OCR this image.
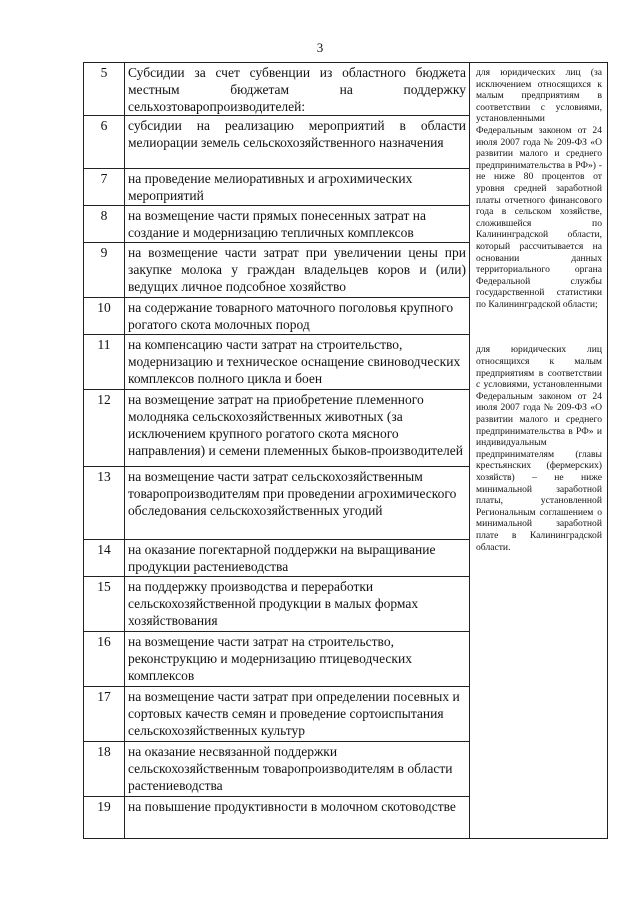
3
5	Субсидии за счет субвенции из областного бюджета местным бюджетам на поддержку сельхозтоваропроизводителей:
6	субсидии на реализацию мероприятий в области мелиорации земель сельскохозяйственного назначения
7	на проведение мелиоративных и агрохимических мероприятий
8	на возмещение части прямых понесенных затрат на создание и модернизацию тепличных комплексов
9	на возмещение части затрат при увеличении цены при закупке молока у граждан владельцев коров и (или) ведущих личное подсобное хозяйство
10	на содержание товарного маточного поголовья крупного рогатого скота молочных пород
11	на компенсацию части затрат на строительство, модернизацию и техническое оснащение свиноводческих комплексов полного цикла и боен
12	на возмещение затрат на приобретение племенного молодняка сельскохозяйственных животных (за исключением крупного рогатого скота мясного направления) и семени племенных быков-производителей
13	на возмещение части затрат сельскохозяйственным товаропроизводителям при проведении агрохимического обследования сельскохозяйственных угодий
14	на оказание погектарной поддержки на выращивание продукции растениеводства
15	на поддержку производства и переработки сельскохозяйственной продукции в малых формах хозяйствования
16	на возмещение части затрат на строительство, реконструкцию и модернизацию птицеводческих комплексов
17	на возмещение части затрат при определении посевных и сортовых качеств семян и проведение сортоиспытания сельскохозяйственных культур
18	на оказание несвязанной поддержки сельскохозяйственным товаропроизводителям в области растениеводства
19	на повышение продуктивности в молочном скотоводстве

для юридических лиц (за исключением относящихся к малым предприятиям в соответствии с условиями, установленными Федеральным законом от 24 июля 2007 года № 209-ФЗ «О развитии малого и среднего предпринимательства в РФ») - не ниже 80 процентов от уровня средней заработной платы отчетного финансового года в сельском хозяйстве, сложившейся по Калининградской области, который рассчитывается на основании данных территориального органа Федеральной службы государственной статистики по Калининградской области;

для юридических лиц относящихся к малым предприятиям в соответствии с условиями, установленными Федеральным законом от 24 июля 2007 года № 209-ФЗ «О развитии малого и среднего предпринимательства в РФ» и индивидуальным предпринимателям (главы крестьянских (фермерских) хозяйств) – не ниже минимальной заработной платы, установленной Региональным соглашением о минимальной заработной плате в Калининградской области.
